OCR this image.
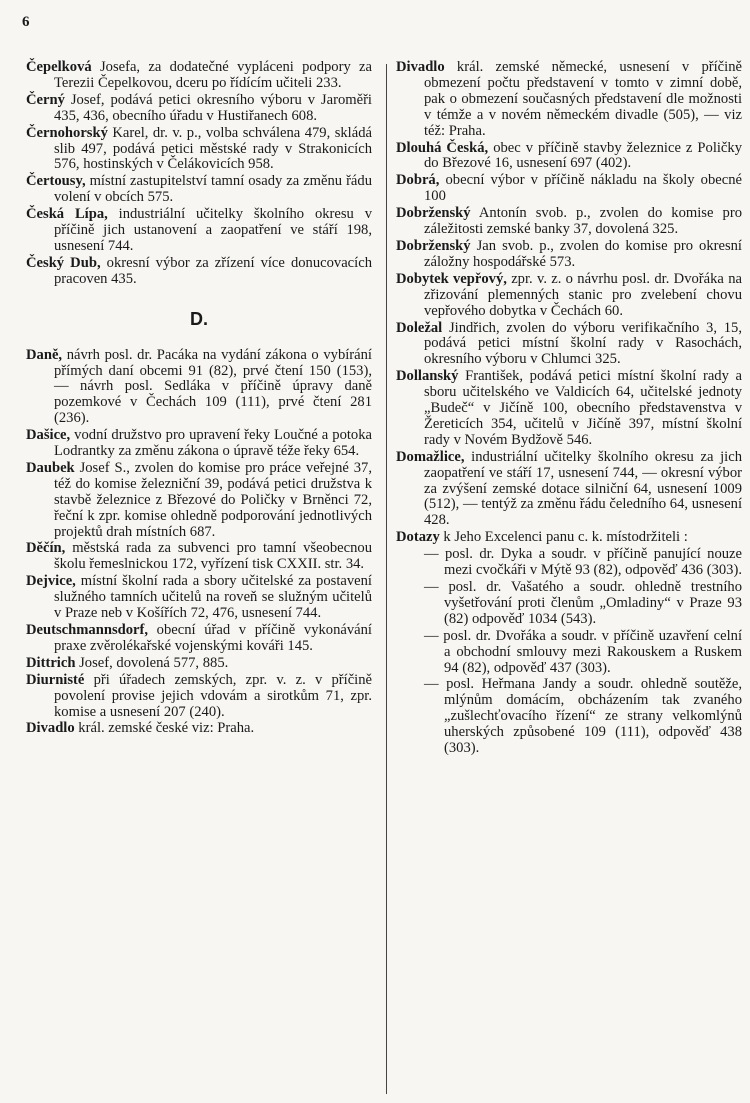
6

Čepelková Josefa, za dodatečné vypláceni podpory za Terezii Čepelkovou, dceru po řídícím učiteli 233.

Černý Josef, podává petici okresního výboru v Jaroměři 435, 436, obecního úřadu v Hustiřanech 608.

Černohorský Karel, dr. v. p., volba schválena 479, skládá slib 497, podává petici městské rady v Strakonicích 576, hostinských v Čelákovicích 958.

Čertousy, místní zastupitelství tamní osady za změnu řádu volení v obcích 575.

Česká Lípa, industriální učitelky školního okresu v příčině jich ustanovení a zaopatření ve stáří 198, usnesení 744.

Český Dub, okresní výbor za zřízení více donucovacích pracoven 435.

D.

Daně, návrh posl. dr. Pacáka na vydání zákona o vybírání přímých daní obcemi 91 (82), prvé čtení 150 (153), — návrh posl. Sedláka v příčině úpravy daně pozemkové v Čechách 109 (111), prvé čtení 281 (236).

Dašice, vodní družstvo pro upravení řeky Loučné a potoka Lodrantky za změnu zákona o úpravě téže řeky 654.

Daubek Josef S., zvolen do komise pro práce veřejné 37, též do komise železniční 39, podává petici družstva k stavbě železnice z Březové do Poličky v Brněnci 72, řeční k zpr. komise ohledně podporování jednotlivých projektů drah místních 687.

Děčín, městská rada za subvenci pro tamní všeobecnou školu řemeslnickou 172, vyřízení tisk CXXII. str. 34.

Dejvice, místní školní rada a sbory učitelské za postavení služného tamních učitelů na roveň se služným učitelů v Praze neb v Košířích 72, 476, usnesení 744.

Deutschmannsdorf, obecní úřad v příčině vykonávání praxe zvěrolékařské vojenskými kováři 145.

Dittrich Josef, dovolená 577, 885.

Diurnisté při úřadech zemských, zpr. v. z. v příčině povolení provise jejich vdovám a sirotkům 71, zpr. komise a usnesení 207 (240).

Divadlo král. zemské české viz: Praha.

Divadlo král. zemské německé, usnesení v příčině obmezení počtu představení v tomto v zimní době, pak o obmezení současných představení dle možnosti v témže a v novém německém divadle (505), — viz též: Praha.

Dlouhá Česká, obec v příčině stavby železnice z Poličky do Březové 16, usnesení 697 (402).

Dobrá, obecní výbor v příčině nákladu na školy obecné 100

Dobrženský Antonín svob. p., zvolen do komise pro záležitosti zemské banky 37, dovolená 325.

Dobrženský Jan svob. p., zvolen do komise pro okresní záložny hospodářské 573.

Dobytek vepřový, zpr. v. z. o návrhu posl. dr. Dvořáka na zřizování plemenných stanic pro zvelebení chovu vepřového dobytka v Čechách 60.

Doležal Jindřich, zvolen do výboru verifikačního 3, 15, podává petici místní školní rady v Rasochách, okresního výboru v Chlumci 325.

Dollanský František, podává petici místní školní rady a sboru učitelského ve Valdicích 64, učitelské jednoty „Budeč“ v Jičíně 100, obecního představenstva v Žereticích 354, učitelů v Jičíně 397, místní školní rady v Novém Bydžově 546.

Domažlice, industriální učitelky školního okresu za jich zaopatření ve stáří 17, usnesení 744, — okresní výbor za zvýšení zemské dotace silniční 64, usnesení 1009 (512), — tentýž za změnu řádu čeledního 64, usnesení 428.

Dotazy k Jeho Excelenci panu c. k. místodržiteli :

— posl. dr. Dyka a soudr. v příčině panující nouze mezi cvočkáři v Mýtě 93 (82), odpověď 436 (303).

— posl. dr. Vašatého a soudr. ohledně trestního vyšetřování proti členům „Omladiny“ v Praze 93 (82) odpověď 1034 (543).

— posl. dr. Dvořáka a soudr. v příčině uzavření celní a obchodní smlouvy mezi Rakouskem a Ruskem 94 (82), odpověď 437 (303).

— posl. Heřmana Jandy a soudr. ohledně soutěže, mlýnům domácím, obcházením tak zvaného „zušlechťovacího řízení“ ze strany velkomlýnů uherských způsobené 109 (111), odpověď 438 (303).
